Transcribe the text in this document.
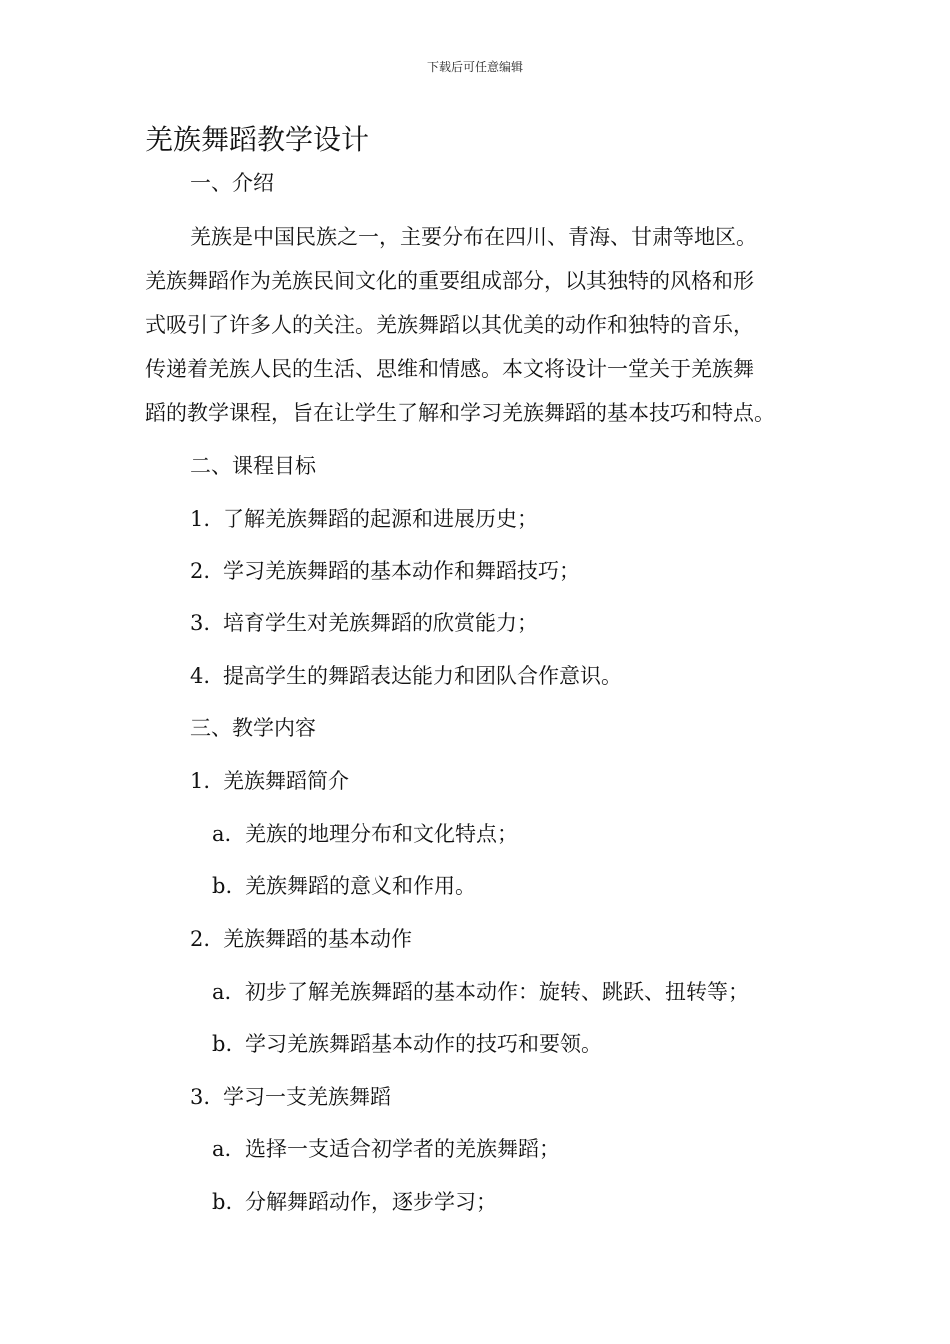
下载后可任意编辑
羌族舞蹈教学设计
一、介绍
羌族是中国民族之一，主要分布在四川、青海、甘肃等地区。
羌族舞蹈作为羌族民间文化的重要组成部分，以其独特的风格和形
式吸引了许多人的关注。羌族舞蹈以其优美的动作和独特的音乐，
传递着羌族人民的生活、思维和情感。本文将设计一堂关于羌族舞
蹈的教学课程，旨在让学生了解和学习羌族舞蹈的基本技巧和特点。
二、课程目标
1. 了解羌族舞蹈的起源和进展历史；
2. 学习羌族舞蹈的基本动作和舞蹈技巧；
3. 培育学生对羌族舞蹈的欣赏能力；
4. 提高学生的舞蹈表达能力和团队合作意识。
三、教学内容
1. 羌族舞蹈简介
a. 羌族的地理分布和文化特点；
b. 羌族舞蹈的意义和作用。
2. 羌族舞蹈的基本动作
a. 初步了解羌族舞蹈的基本动作：旋转、跳跃、扭转等；
b. 学习羌族舞蹈基本动作的技巧和要领。
3. 学习一支羌族舞蹈
a. 选择一支适合初学者的羌族舞蹈；
b. 分解舞蹈动作，逐步学习；
